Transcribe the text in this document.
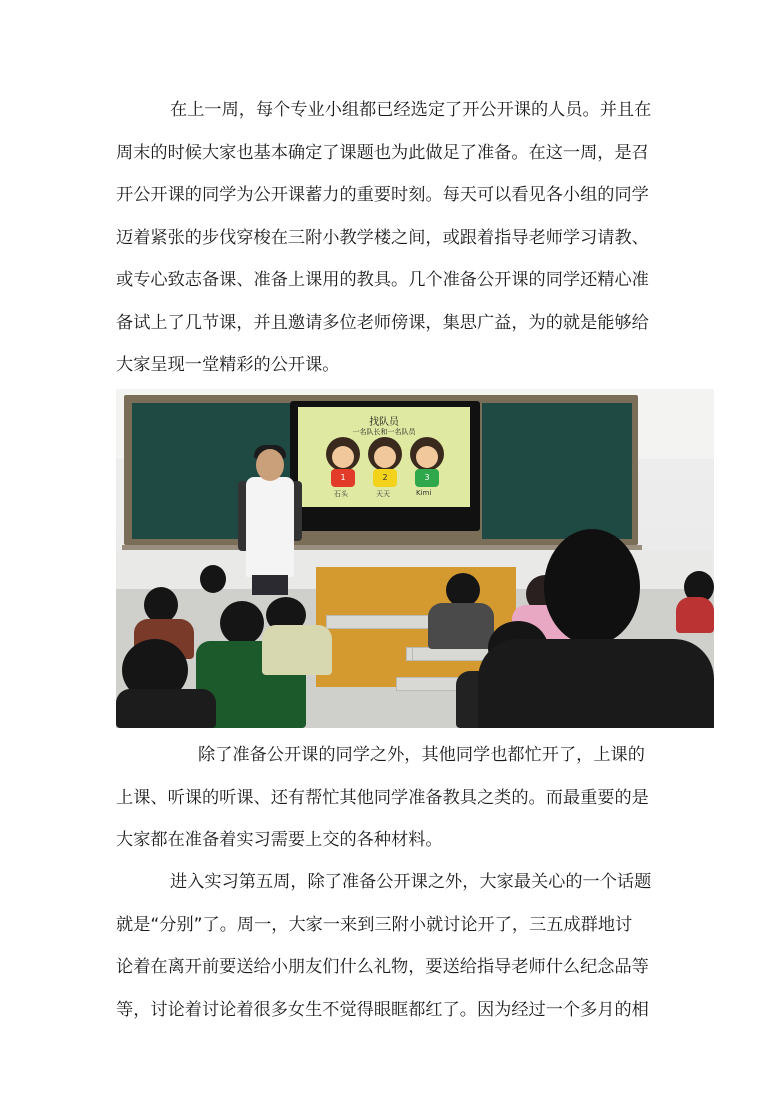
在上一周，每个专业小组都已经选定了开公开课的人员。并且在
周末的时候大家也基本确定了课题也为此做足了准备。在这一周，是召
开公开课的同学为公开课蓄力的重要时刻。每天可以看见各小组的同学
迈着紧张的步伐穿梭在三附小教学楼之间，或跟着指导老师学习请教、
或专心致志备课、准备上课用的教具。几个准备公开课的同学还精心准
备试上了几节课，并且邀请多位老师傍课，集思广益，为的就是能够给
大家呈现一堂精彩的公开课。
找队员
一名队长和一名队员
1
石头
2
天天
3
Kimi
除了准备公开课的同学之外，其他同学也都忙开了，上课的
上课、听课的听课、还有帮忙其他同学准备教具之类的。而最重要的是
大家都在准备着实习需要上交的各种材料。
进入实习第五周，除了准备公开课之外，大家最关心的一个话题
就是“分别”了。周一，大家一来到三附小就讨论开了，三五成群地讨
论着在离开前要送给小朋友们什么礼物，要送给指导老师什么纪念品等
等，讨论着讨论着很多女生不觉得眼眶都红了。因为经过一个多月的相
